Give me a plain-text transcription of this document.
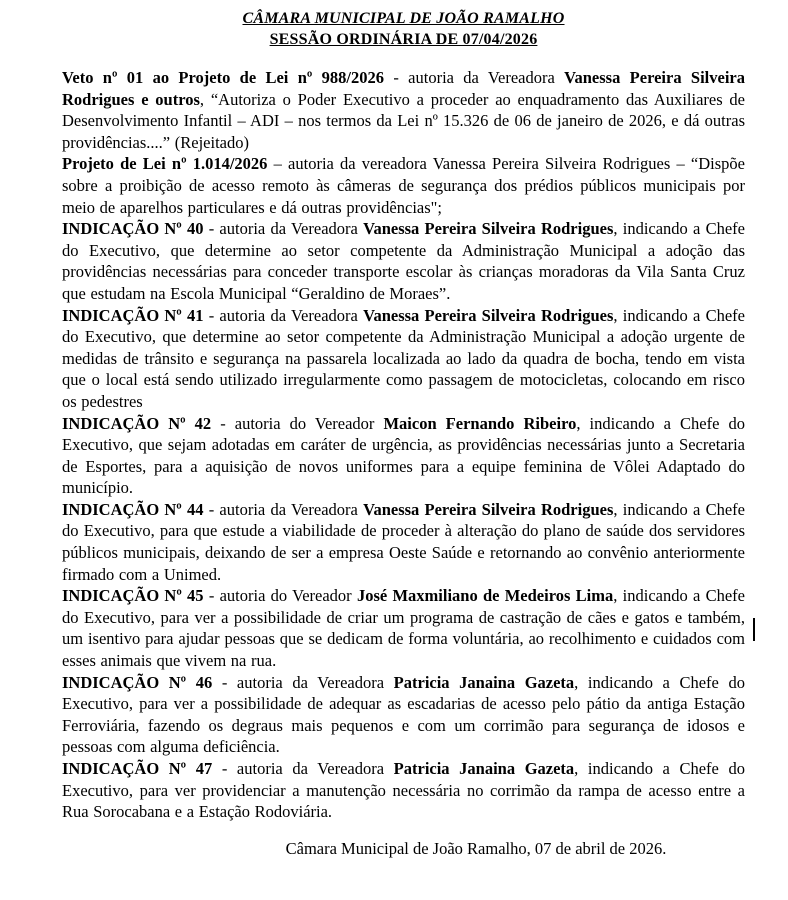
CÂMARA MUNICIPAL DE JOÃO RAMALHO
SESSÃO ORDINÁRIA DE 07/04/2026

Veto nº 01 ao Projeto de Lei nº 988/2026 - autoria da Vereadora Vanessa Pereira Silveira Rodrigues e outros, “Autoriza o Poder Executivo a proceder ao enquadramento das Auxiliares de Desenvolvimento Infantil – ADI – nos termos da Lei nº 15.326 de 06 de janeiro de 2026, e dá outras providências....” (Rejeitado)

Projeto de Lei nº 1.014/2026 – autoria da vereadora Vanessa Pereira Silveira Rodrigues – “Dispõe sobre a proibição de acesso remoto às câmeras de segurança dos prédios públicos municipais por meio de aparelhos particulares e dá outras providências";

INDICAÇÃO Nº 40 - autoria da Vereadora Vanessa Pereira Silveira Rodrigues, indicando a Chefe do Executivo, que determine ao setor competente da Administração Municipal a adoção das providências necessárias para conceder transporte escolar às crianças moradoras da Vila Santa Cruz que estudam na Escola Municipal “Geraldino de Moraes”.

INDICAÇÃO Nº 41 - autoria da Vereadora Vanessa Pereira Silveira Rodrigues, indicando a Chefe do Executivo, que determine ao setor competente da Administração Municipal a adoção urgente de medidas de trânsito e segurança na passarela localizada ao lado da quadra de bocha, tendo em vista que o local está sendo utilizado irregularmente como passagem de motocicletas, colocando em risco os pedestres

INDICAÇÃO Nº 42 - autoria do Vereador Maicon Fernando Ribeiro, indicando a Chefe do Executivo, que sejam adotadas em caráter de urgência, as providências necessárias junto a Secretaria de Esportes, para a aquisição de novos uniformes para a equipe feminina de Vôlei Adaptado do município.

INDICAÇÃO Nº 44 - autoria da Vereadora Vanessa Pereira Silveira Rodrigues, indicando a Chefe do Executivo, para que estude a viabilidade de proceder à alteração do plano de saúde dos servidores públicos municipais, deixando de ser a empresa Oeste Saúde e retornando ao convênio anteriormente firmado com a Unimed.

INDICAÇÃO Nº 45 - autoria do Vereador José Maxmiliano de Medeiros Lima, indicando a Chefe do Executivo, para ver a possibilidade de criar um programa de castração de cães e gatos e também, um isentivo para ajudar pessoas que se dedicam de forma voluntária, ao recolhimento e cuidados com esses animais que vivem na rua.

INDICAÇÃO Nº 46 - autoria da Vereadora Patricia Janaina Gazeta, indicando a Chefe do Executivo, para ver a possibilidade de adequar as escadarias de acesso pelo pátio da antiga Estação Ferroviária, fazendo os degraus mais pequenos e com um corrimão para segurança de idosos e pessoas com alguma deficiência.

INDICAÇÃO Nº 47 - autoria da Vereadora Patricia Janaina Gazeta, indicando a Chefe do Executivo, para ver providenciar a manutenção necessária no corrimão da rampa de acesso entre a Rua Sorocabana e a Estação Rodoviária.

Câmara Municipal de João Ramalho, 07 de abril de 2026.
